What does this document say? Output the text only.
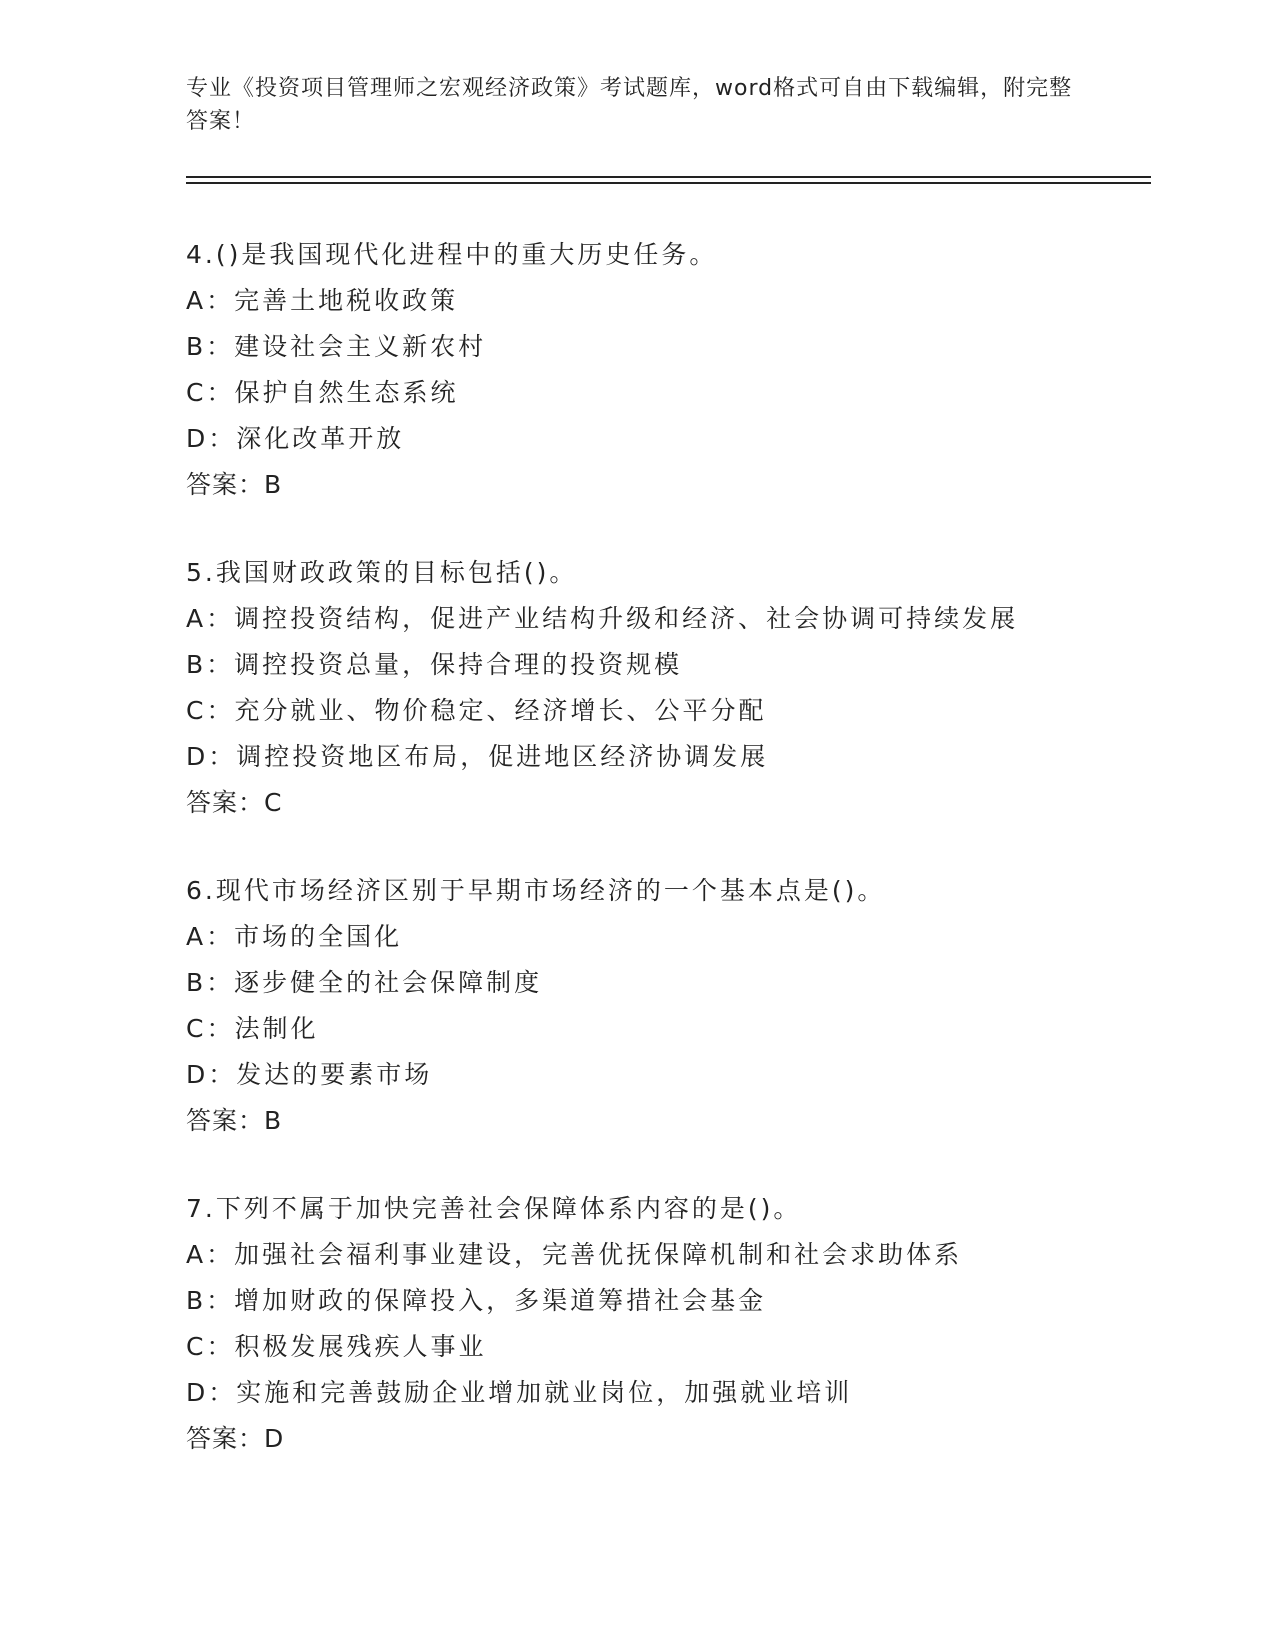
专业《投资项目管理师之宏观经济政策》考试题库，word格式可自由下载编辑，附完整答案！
4.()是我国现代化进程中的重大历史任务。
A：完善土地税收政策
B：建设社会主义新农村
C：保护自然生态系统
D：深化改革开放
答案：B
5.我国财政政策的目标包括()。
A：调控投资结构，促进产业结构升级和经济、社会协调可持续发展
B：调控投资总量，保持合理的投资规模
C：充分就业、物价稳定、经济增长、公平分配
D：调控投资地区布局，促进地区经济协调发展
答案：C
6.现代市场经济区别于早期市场经济的一个基本点是()。
A：市场的全国化
B：逐步健全的社会保障制度
C：法制化
D：发达的要素市场
答案：B
7.下列不属于加快完善社会保障体系内容的是()。
A：加强社会福利事业建设，完善优抚保障机制和社会求助体系
B：增加财政的保障投入，多渠道筹措社会基金
C：积极发展残疾人事业
D：实施和完善鼓励企业增加就业岗位，加强就业培训
答案：D
